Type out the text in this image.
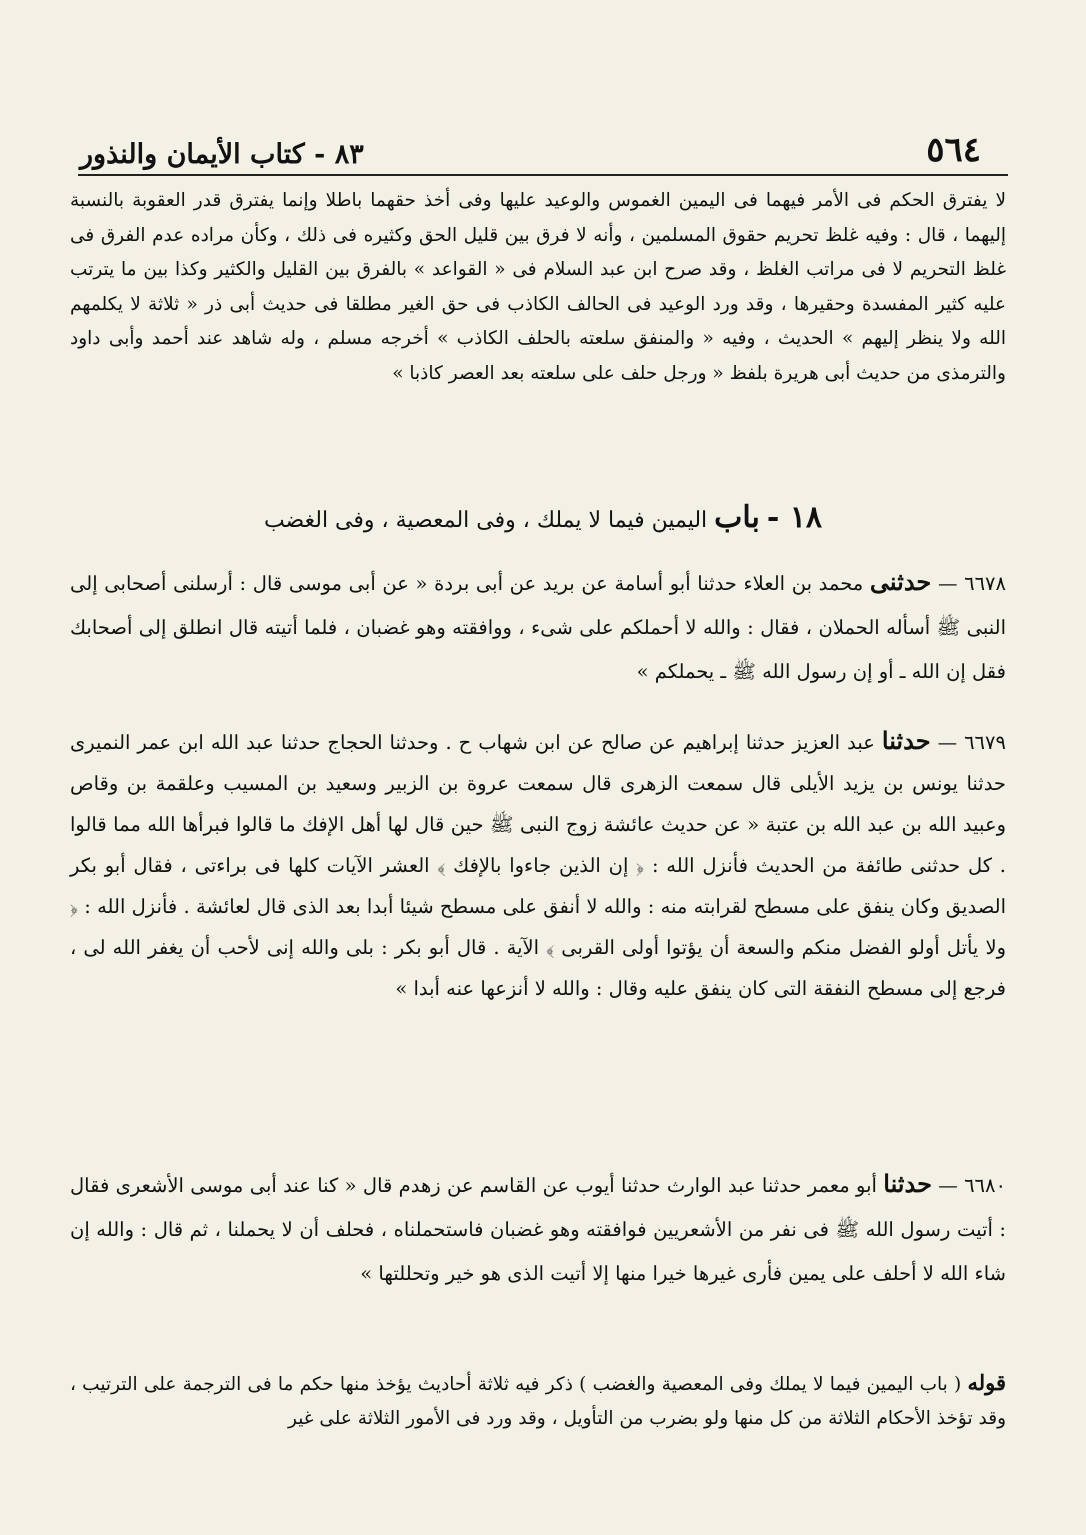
٥٦٤
٨٣ - كتاب الأيمان والنذور
لا يفترق الحكم فى الأمر فيهما فى اليمين الغموس والوعيد عليها وفى أخذ حقهما باطلا وإنما يفترق قدر العقوبة بالنسبة إليهما ، قال : وفيه غلظ تحريم حقوق المسلمين ، وأنه لا فرق بين قليل الحق وكثيره فى ذلك ، وكأن مراده عدم الفرق فى غلظ التحريم لا فى مراتب الغلظ ، وقد صرح ابن عبد السلام فى « القواعد » بالفرق بين القليل والكثير وكذا بين ما يترتب عليه كثير المفسدة وحقيرها ، وقد ورد الوعيد فى الحالف الكاذب فى حق الغير مطلقا فى حديث أبى ذر « ثلاثة لا يكلمهم الله ولا ينظر إليهم » الحديث ، وفيه « والمنفق سلعته بالحلف الكاذب » أخرجه مسلم ، وله شاهد عند أحمد وأبى داود والترمذى من حديث أبى هريرة بلفظ « ورجل حلف على سلعته بعد العصر كاذبا »
١٨ - باب اليمين فيما لا يملك ، وفى المعصية ، وفى الغضب
٦٦٧٨ — حدثنى محمد بن العلاء حدثنا أبو أسامة عن بريد عن أبى بردة « عن أبى موسى قال : أرسلنى أصحابى إلى النبى ﷺ أسأله الحملان ، فقال : والله لا أحملكم على شىء ، ووافقته وهو غضبان ، فلما أتيته قال انطلق إلى أصحابك فقل إن الله ـ أو إن رسول الله ﷺ ـ يحملكم »
٦٦٧٩ — حدثنا عبد العزيز حدثنا إبراهيم عن صالح عن ابن شهاب ح . وحدثنا الحجاج حدثنا عبد الله ابن عمر النميرى حدثنا يونس بن يزيد الأيلى قال سمعت الزهرى قال سمعت عروة بن الزبير وسعيد بن المسيب وعلقمة بن وقاص وعبيد الله بن عبد الله بن عتبة « عن حديث عائشة زوج النبى ﷺ حين قال لها أهل الإفك ما قالوا فبرأها الله مما قالوا . كل حدثنى طائفة من الحديث فأنزل الله : ﴿ إن الذين جاءوا بالإفك ﴾ العشر الآيات كلها فى براءتى ، فقال أبو بكر الصديق وكان ينفق على مسطح لقرابته منه : والله لا أنفق على مسطح شيئا أبدا بعد الذى قال لعائشة . فأنزل الله : ﴿ ولا يأتل أولو الفضل منكم والسعة أن يؤتوا أولى القربى ﴾ الآية . قال أبو بكر : بلى والله إنى لأحب أن يغفر الله لى ، فرجع إلى مسطح النفقة التى كان ينفق عليه وقال : والله لا أنزعها عنه أبدا »
٦٦٨٠ — حدثنا أبو معمر حدثنا عبد الوارث حدثنا أيوب عن القاسم عن زهدم قال « كنا عند أبى موسى الأشعرى فقال : أتيت رسول الله ﷺ فى نفر من الأشعريين فوافقته وهو غضبان فاستحملناه ، فحلف أن لا يحملنا ، ثم قال : والله إن شاء الله لا أحلف على يمين فأرى غيرها خيرا منها إلا أتيت الذى هو خير وتحللتها »
قوله ( باب اليمين فيما لا يملك وفى المعصية والغضب ) ذكر فيه ثلاثة أحاديث يؤخذ منها حكم ما فى الترجمة على الترتيب ، وقد تؤخذ الأحكام الثلاثة من كل منها ولو بضرب من التأويل ، وقد ورد فى الأمور الثلاثة على غير
